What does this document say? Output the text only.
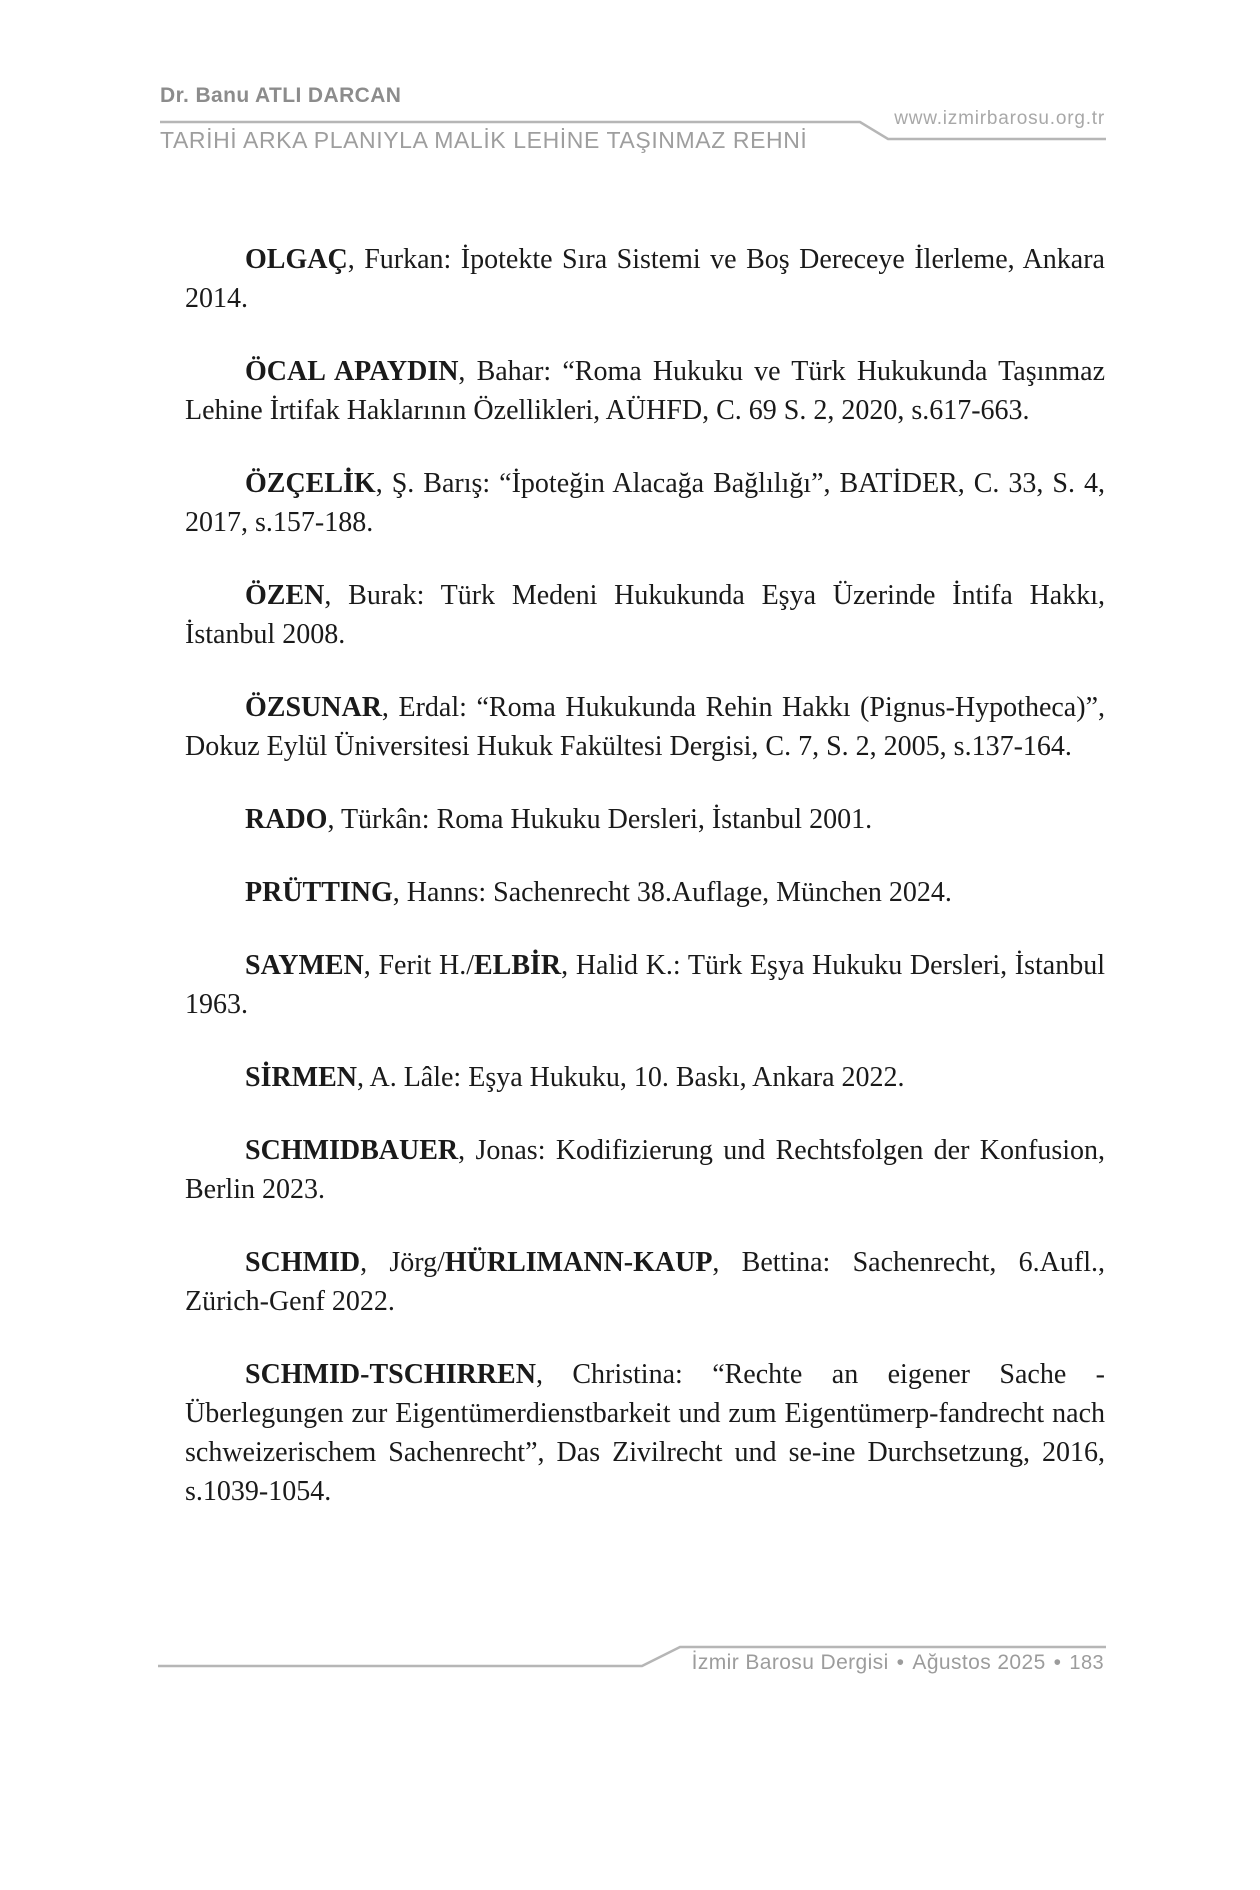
Dr. Banu ATLI DARCAN
www.izmirbarosu.org.tr
TARİHİ ARKA PLANIYLA MALİK LEHİNE TAŞINMAZ REHNİ

OLGAÇ, Furkan: İpotekte Sıra Sistemi ve Boş Dereceye İlerleme, Ankara 2014.

ÖCAL APAYDIN, Bahar: “Roma Hukuku ve Türk Hukukunda Taşınmaz Lehine İrtifak Haklarının Özellikleri, AÜHFD, C. 69 S. 2, 2020, s.617-663.

ÖZÇELİK, Ş. Barış: “İpoteğin Alacağa Bağlılığı”, BATİDER, C. 33, S. 4, 2017, s.157-188.

ÖZEN, Burak: Türk Medeni Hukukunda Eşya Üzerinde İntifa Hakkı, İstanbul 2008.

ÖZSUNAR, Erdal: “Roma Hukukunda Rehin Hakkı (Pignus-Hypotheca)”, Dokuz Eylül Üniversitesi Hukuk Fakültesi Dergisi, C. 7, S. 2, 2005, s.137-164.

RADO, Türkân: Roma Hukuku Dersleri, İstanbul 2001.

PRÜTTING, Hanns: Sachenrecht 38.Auflage, München 2024.

SAYMEN, Ferit H./ELBİR, Halid K.: Türk Eşya Hukuku Dersleri, İstanbul 1963.

SİRMEN, A. Lâle: Eşya Hukuku, 10. Baskı, Ankara 2022.

SCHMIDBAUER, Jonas: Kodifizierung und Rechtsfolgen der Konfusion, Berlin 2023.

SCHMID, Jörg/HÜRLIMANN-KAUP, Bettina: Sachenrecht, 6.Aufl., Zürich-Genf 2022.

SCHMID-TSCHIRREN, Christina: “Rechte an eigener Sache - Überlegungen zur Eigentümerdienstbarkeit und zum Eigentümerp-fandrecht nach schweizerischem Sachenrecht”, Das Zivilrecht und se-ine Durchsetzung, 2016, s.1039-1054.

İzmir Barosu Dergisi • Ağustos 2025 • 183
